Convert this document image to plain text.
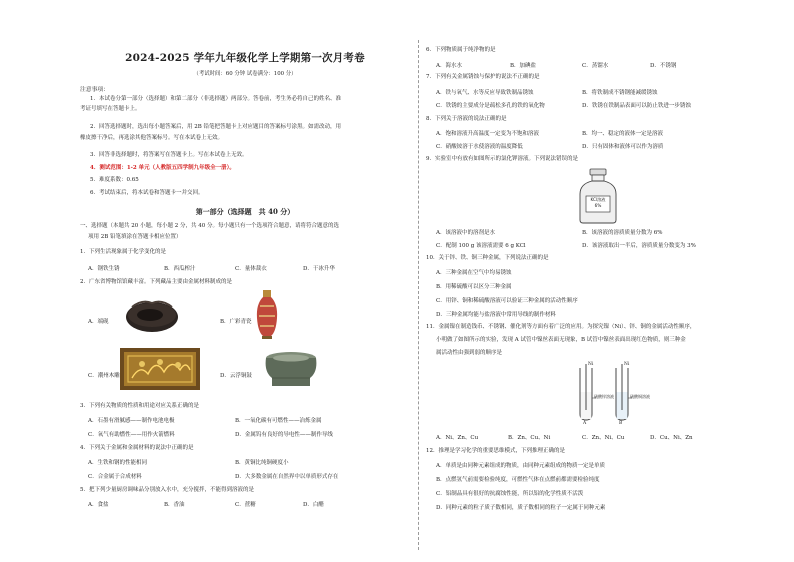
2024-2025 学年九年级化学上学期第一次月考卷
（考试时间：60 分钟 试卷满分：100 分）
注意事项：
1．本试卷分第一部分（选择题）和第二部分（非选择题）两部分。答卷前，考生务必将自己的姓名、准
考证号填写在答题卡上。
2．回答选择题时，选出每小题答案后，用 2B 铅笔把答题卡上对应题目的答案标号涂黑。如需改动，用
橡皮擦干净后，再选涂其他答案标号。写在本试卷上无效。
3．回答非选择题时，将答案写在答题卡上。写在本试卷上无效。
4．测试范围：1-2 单元（人教版五四学制九年级全一册）。
5．难度系数：0.65
6．考试结束后，将本试卷和答题卡一并交回。
第一部分（选择题　共 40 分）
一、选择题（本题共 20 小题，每小题 2 分，共 40 分。每小题只有一个选项符合题意，请将符合题意的选
项用 2B 铅笔填涂在答题卡相应位置）
1．下列生活现象属于化学变化的是
A．钢铁生锈	B．西瓜榨汁	C．量体裁衣	D．干冰升华
2．广东省博物馆馆藏丰富。下列藏品主要由金属材料制成的是
A．端砚	B．广彩青瓷
C．潮州木雕	D．云浮铜鼓
3．下列有关物质的性质和用途对应关系正确的是
A．石墨有滑腻感——制作电池电极	B．一氧化碳有可燃性——冶炼金属
C．氧气有助燃性——用作火箭燃料	D．金属钨有良好的导电性——制作导线
4．下列关于金属和金属材料的说法中正确的是
A．生铁和钢的性能相同	B．黄铜比纯铜硬度小
C．合金属于合成材料	D．大多数金属在自然界中以单质形式存在
5．把下列少量厨房调味品分别放入水中，充分搅拌，不能得到溶液的是
A．食盐	B．香油	C．蔗糖	D．白醋
6．下列物质属于纯净物的是
A．海水水	B．加碘盐	C．蒸馏水	D．不锈钢
7．下列有关金属锈蚀与保护的说法不正确的是
A．铁与氧气、水等反应导致铁制品锈蚀	B．将铁制成不锈钢能减缓锈蚀
C．铁锈的主要成分是疏松多孔的铁的氧化物	D．铁锈在铁制品表面可以防止铁进一步锈蚀
8．下列关于溶液的说法正确的是
A．饱和溶液升高温度一定变为不饱和溶液	B．均一、稳定的液体一定是溶液
C．硝酸铵溶于水使溶液的温度降低	D．只有固体和液体可以作为溶质
9．实验室中有放有如图所示的氯化钾溶液。下列说法错误的是
KCl溶液
6%
A．该溶液中的溶剂是水	B．该溶液的溶质质量分数为 6%
C．配制 100 g 该溶液需要 6 g KCl	D．该溶液取出一半后，溶质质量分数变为 3%
10．关于锌、铁、铜三种金属，下列说法正确的是
A．三种金属在空气中均易锈蚀
B．用稀硫酸可以区分三种金属
C．用锌、铜和稀硫酸溶液可以验证三种金属的活动性顺序
D．三种金属均能与盐溶液中常用导线的制作材料
11．金属镍在制造钱币、不锈钢、催化剂等方面有着广泛的应用。为探究镍（Ni）、锌、铜的金属活动性顺序，
小明做了如图所示的实验，发现 A 试管中镍丝表面无现象，B 试管中镍丝表面出现红色物质，则三种金
属活动性由强到弱的顺序是
Ni	Ni
硫酸锌溶液	硫酸铜溶液
A	B
A．Ni、Zn、Cu	B．Zn、Cu、Ni	C．Zn、Ni、Cu	D．Cu、Ni、Zn
12．推理是学习化学的重要思维模式，下列推理正确的是
A．单质是由同种元素组成的物质，由同种元素组成的物质一定是单质
B．点燃氢气前需要检验纯度，可燃性气体在点燃前都需要检验纯度
C．铝制品具有很好的抗腐蚀性能，所以铝的化学性质不活泼
D．同种元素的粒子质子数相同，质子数相同的粒子一定属于同种元素
